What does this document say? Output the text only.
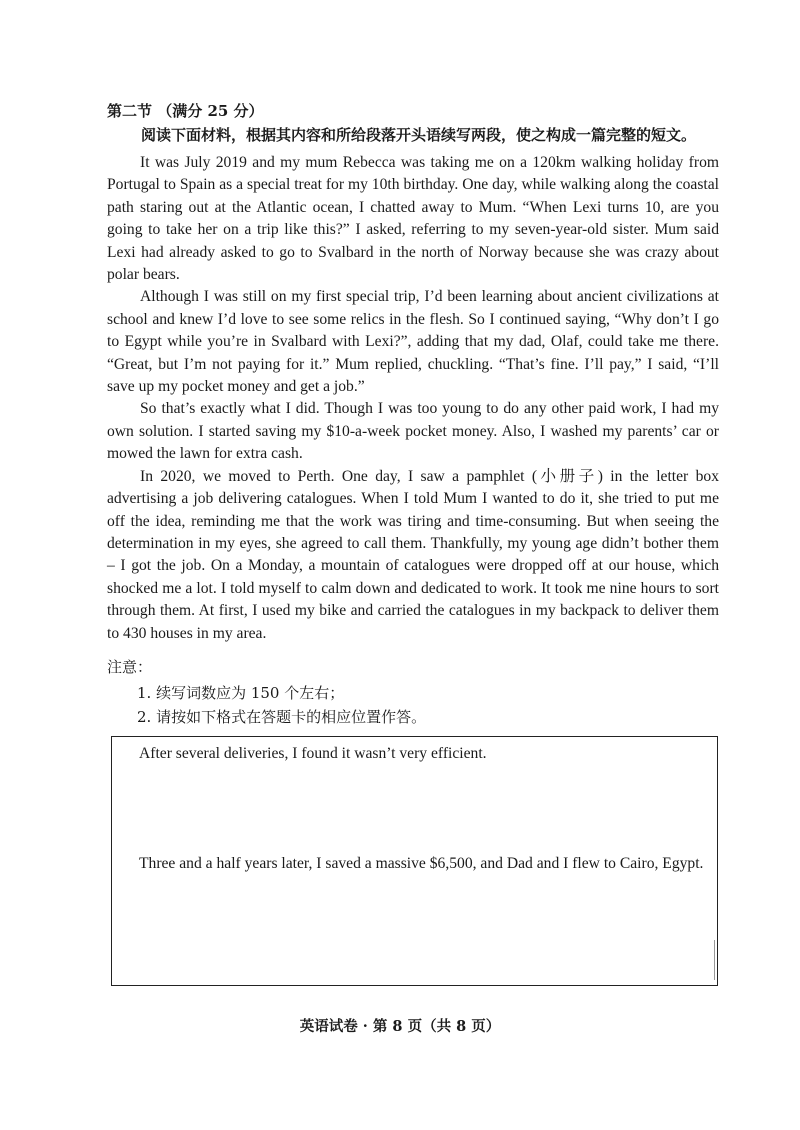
第二节 （满分 25 分）
阅读下面材料，根据其内容和所给段落开头语续写两段，使之构成一篇完整的短文。

It was July 2019 and my mum Rebecca was taking me on a 120km walking holiday from Portugal to Spain as a special treat for my 10th birthday. One day, while walking along the coastal path staring out at the Atlantic ocean, I chatted away to Mum. “When Lexi turns 10, are you going to take her on a trip like this?” I asked, referring to my seven-year-old sister. Mum said Lexi had already asked to go to Svalbard in the north of Norway because she was crazy about polar bears.

Although I was still on my first special trip, I’d been learning about ancient civilizations at school and knew I’d love to see some relics in the flesh. So I continued saying, “Why don’t I go to Egypt while you’re in Svalbard with Lexi?”, adding that my dad, Olaf, could take me there. “Great, but I’m not paying for it.” Mum replied, chuckling. “That’s fine. I’ll pay,” I said, “I’ll save up my pocket money and get a job.”

So that’s exactly what I did. Though I was too young to do any other paid work, I had my own solution. I started saving my $10-a-week pocket money. Also, I washed my parents’ car or mowed the lawn for extra cash.

In 2020, we moved to Perth. One day, I saw a pamphlet (小册子) in the letter box advertising a job delivering catalogues. When I told Mum I wanted to do it, she tried to put me off the idea, reminding me that the work was tiring and time-consuming. But when seeing the determination in my eyes, she agreed to call them. Thankfully, my young age didn’t bother them – I got the job. On a Monday, a mountain of catalogues were dropped off at our house, which shocked me a lot. I told myself to calm down and dedicated to work. It took me nine hours to sort through them. At first, I used my bike and carried the catalogues in my backpack to deliver them to 430 houses in my area.

注意：
1. 续写词数应为 150 个左右；
2. 请按如下格式在答题卡的相应位置作答。
After several deliveries, I found it wasn’t very efficient.
Three and a half years later, I saved a massive $6,500, and Dad and I flew to Cairo, Egypt.
英语试卷 · 第 8 页（共 8 页）
